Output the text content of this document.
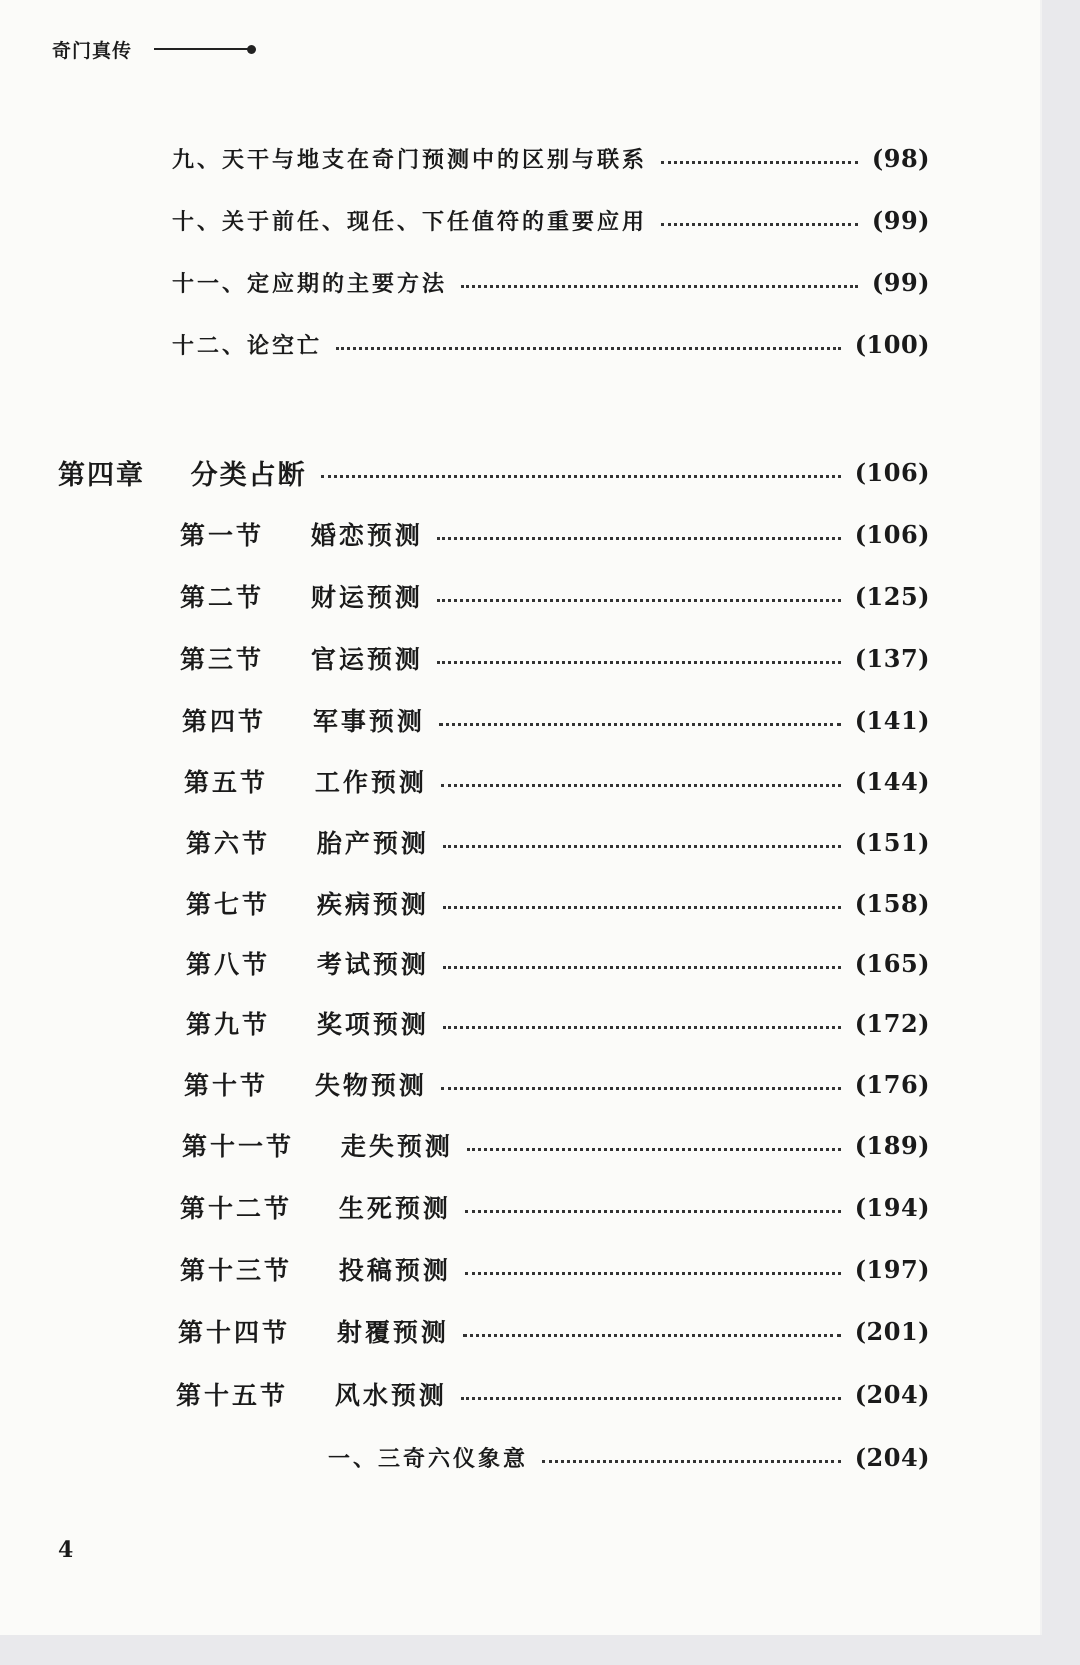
奇门真传
九、天干与地支在奇门预测中的区别与联系	(98)
十、关于前任、现任、下任值符的重要应用	(99)
十一、定应期的主要方法	(99)
十二、论空亡	(100)
第四章    分类占断	(106)
第一节    婚恋预测	(106)
第二节    财运预测	(125)
第三节    官运预测	(137)
第四节    军事预测	(141)
第五节    工作预测	(144)
第六节    胎产预测	(151)
第七节    疾病预测	(158)
第八节    考试预测	(165)
第九节    奖项预测	(172)
第十节    失物预测	(176)
第十一节    走失预测	(189)
第十二节    生死预测	(194)
第十三节    投稿预测	(197)
第十四节    射覆预测	(201)
第十五节    风水预测	(204)
一、三奇六仪象意	(204)
4
